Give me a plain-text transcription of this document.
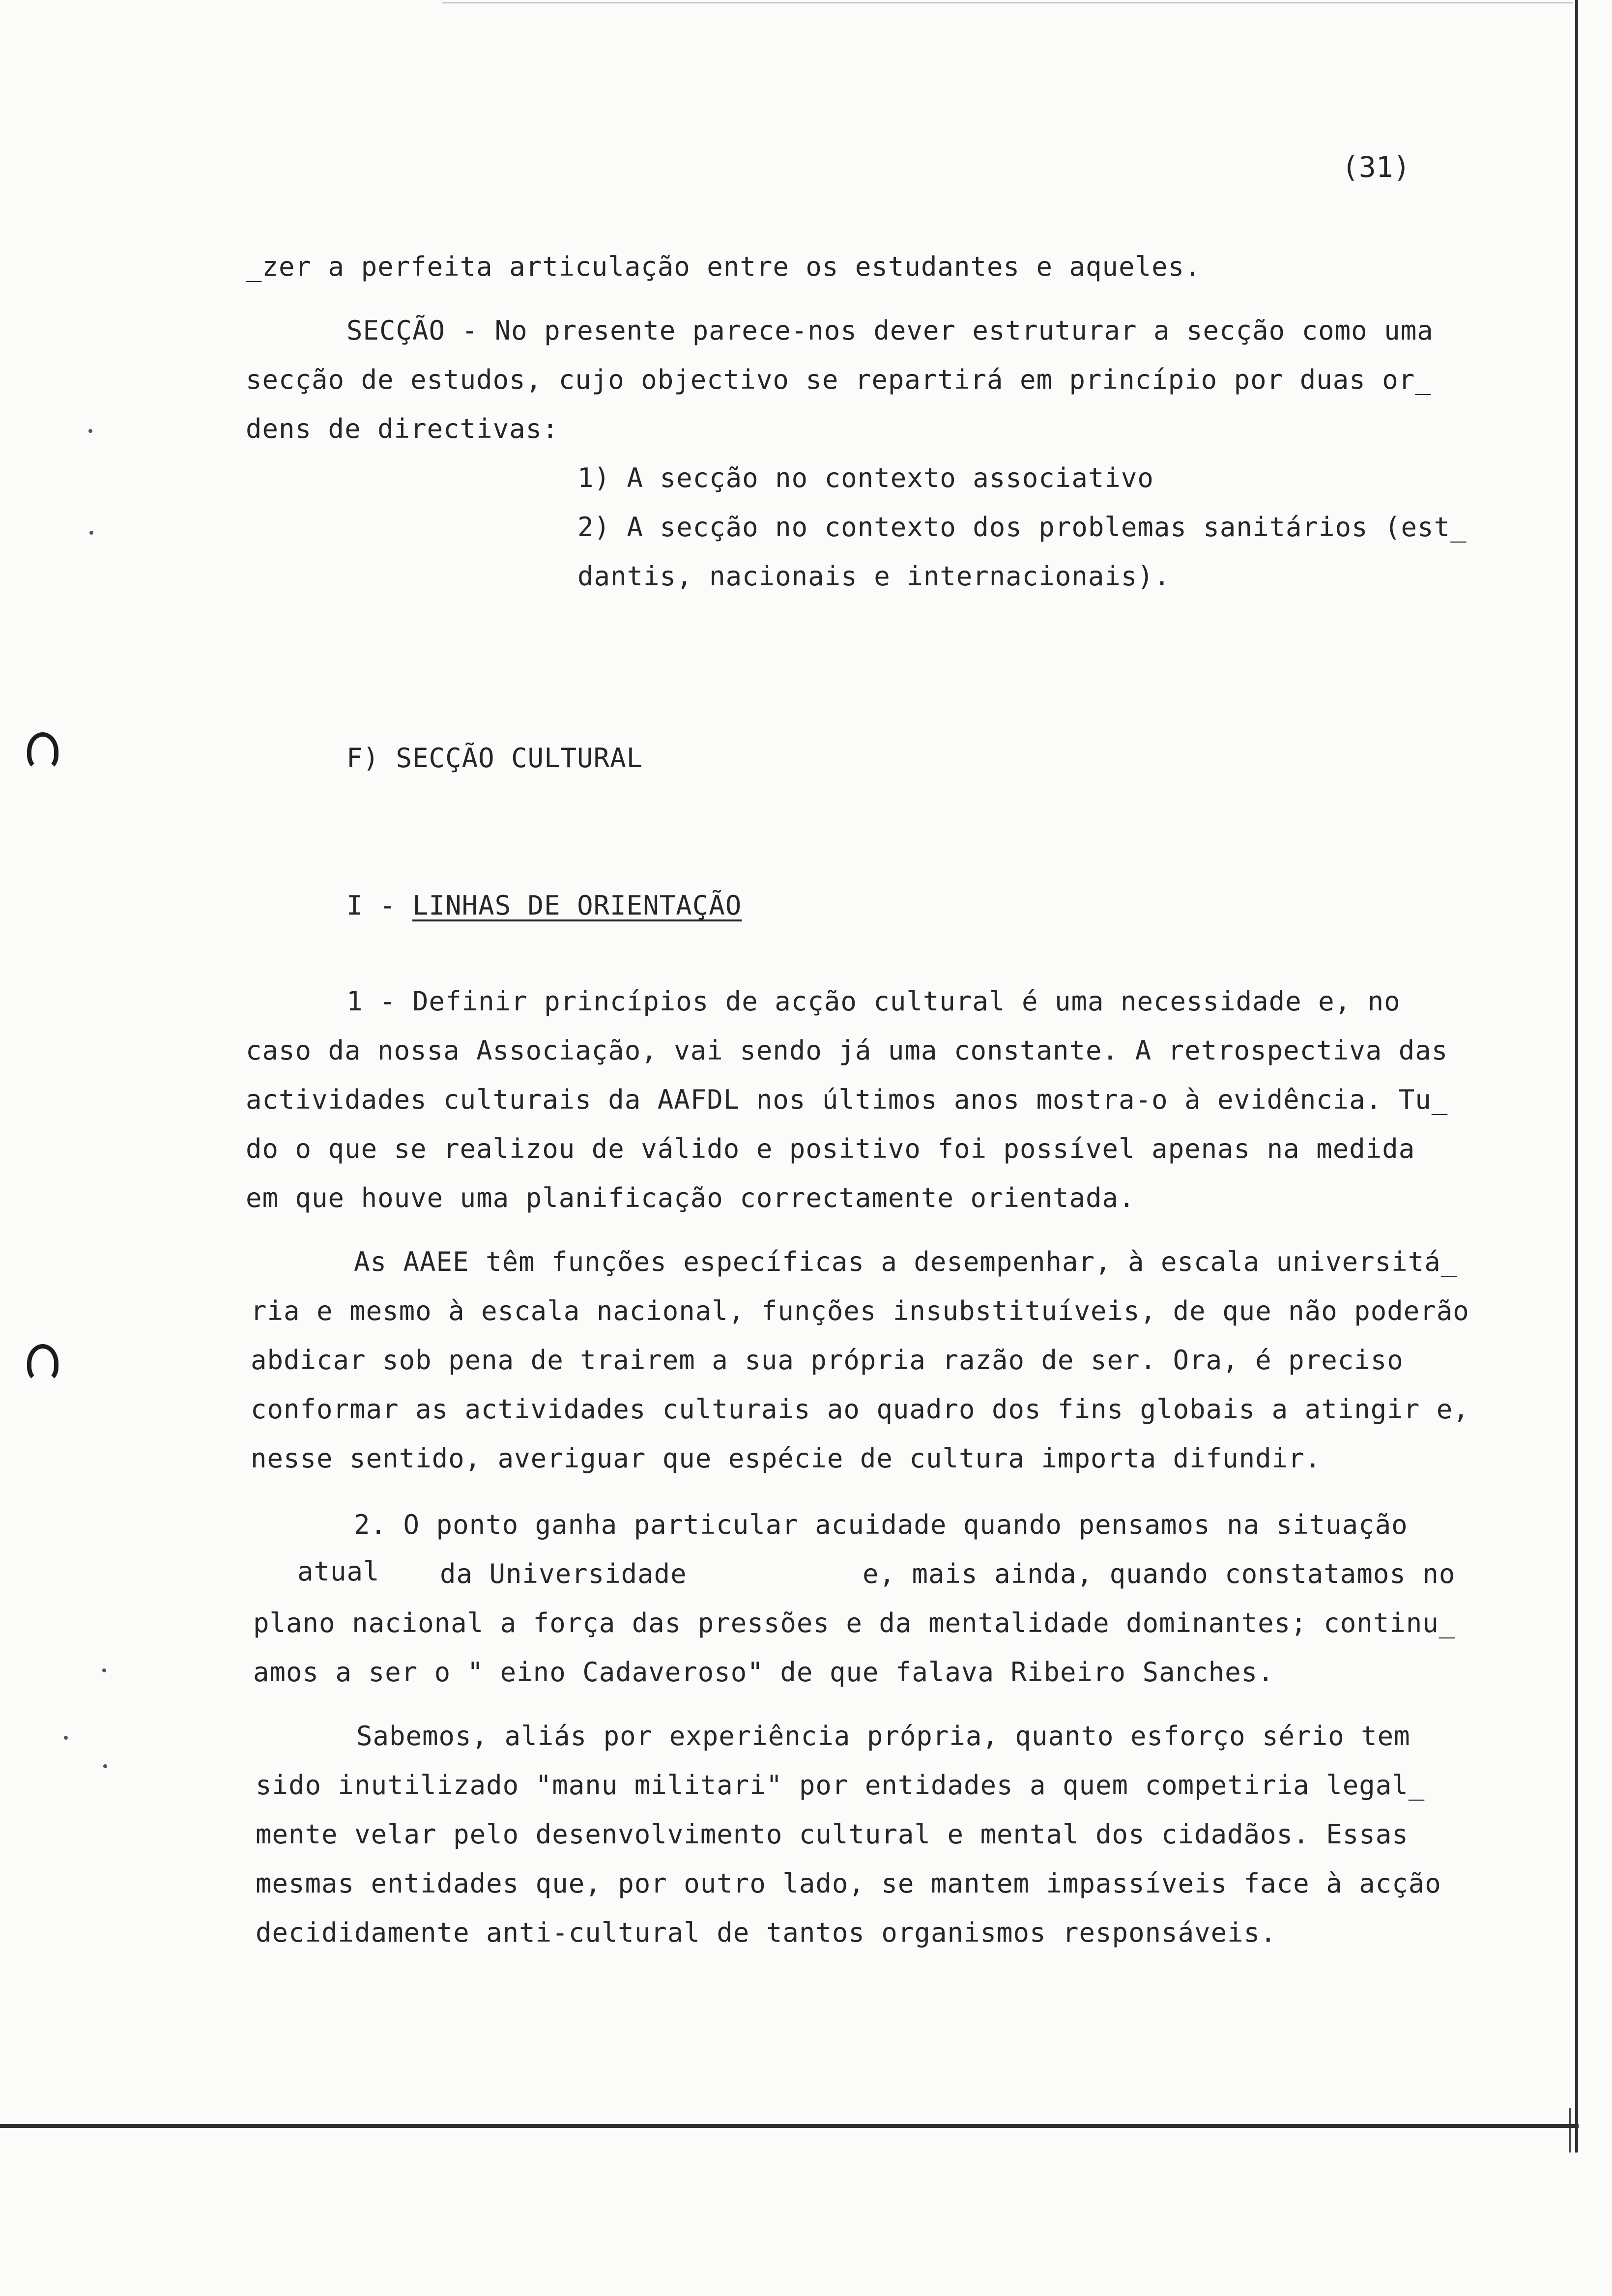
(31)
_zer a perfeita articulação entre os estudantes e aqueles.
SECÇÃO - No presente parece-nos dever estruturar a secção como uma
secção de estudos, cujo objectivo se repartirá em princípio por duas or_
dens de directivas:
1) A secção no contexto associativo
2) A secção no contexto dos problemas sanitários (est_
dantis, nacionais e internacionais).
F) SECÇÃO CULTURAL
I - LINHAS DE ORIENTAÇÃO
1 - Definir princípios de acção cultural é uma necessidade e, no
caso da nossa Associação, vai sendo já uma constante. A retrospectiva das
actividades culturais da AAFDL nos últimos anos mostra-o à evidência. Tu_
do o que se realizou de válido e positivo foi possível apenas na medida
em que houve uma planificação correctamente orientada.
As AAEE têm funções específicas a desempenhar, à escala universitá_
ria e mesmo à escala nacional, funções insubstituíveis, de que não poderão
abdicar sob pena de trairem a sua própria razão de ser. Ora, é preciso
conformar as actividades culturais ao quadro dos fins globais a atingir e,
nesse sentido, averiguar que espécie de cultura importa difundir.
2. O ponto ganha particular acuidade quando pensamos na situação
atual da Universidade	e, mais ainda, quando constatamos no
plano nacional a força das pressões e da mentalidade dominantes; continu_
amos a ser o " eino Cadaveroso" de que falava Ribeiro Sanches.
Sabemos, aliás por experiência própria, quanto esforço sério tem
sido inutilizado "manu militari" por entidades a quem competiria legal_
mente velar pelo desenvolvimento cultural e mental dos cidadãos. Essas
mesmas entidades que, por outro lado, se mantem impassíveis face à acção
decididamente anti-cultural de tantos organismos responsáveis.
